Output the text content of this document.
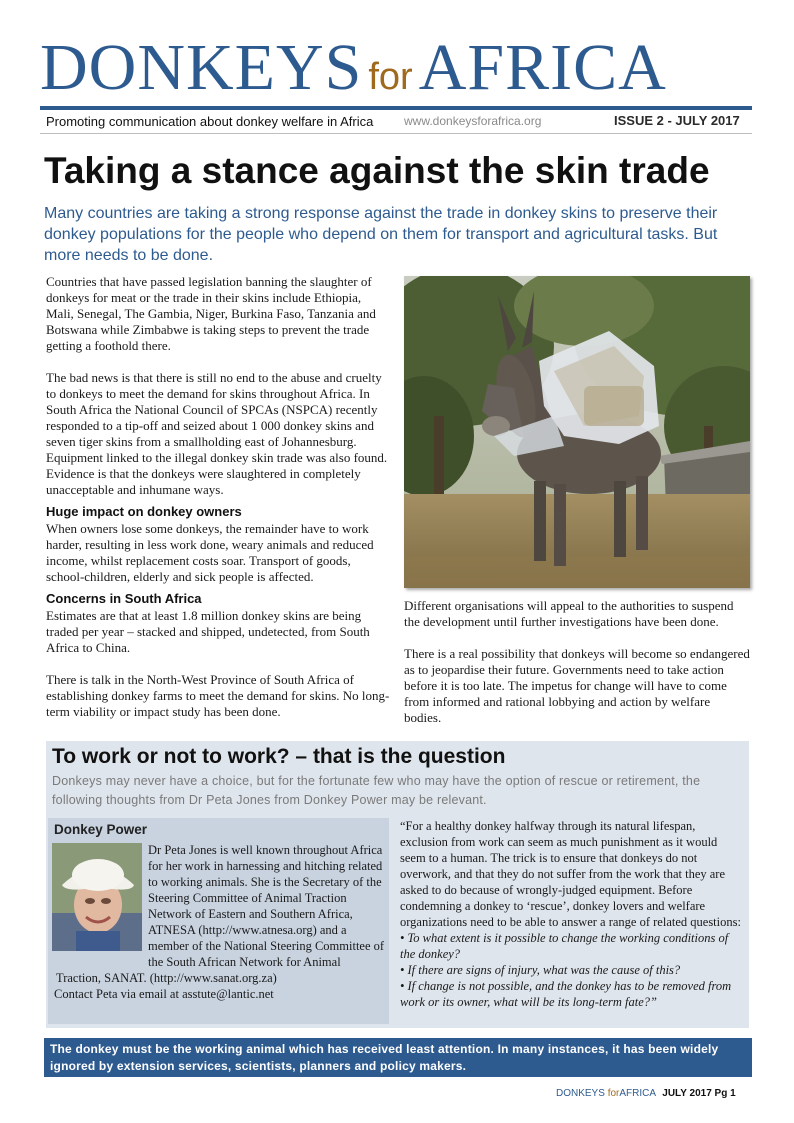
DONKEYS forAFRICA
Promoting communication about donkey welfare in Africa	www.donkeysforafrica.org	ISSUE 2 - JULY 2017
Taking a stance against the skin trade
Many countries are taking a strong response against the trade in donkey skins to preserve their donkey populations for the people who depend on them for transport and agricultural tasks. But more needs to be done.

Countries that have passed legislation banning the slaughter of donkeys for meat or the trade in their skins include Ethiopia, Mali, Senegal, The Gambia, Niger, Burkina Faso, Tanzania and Botswana while Zimbabwe is taking steps to prevent the trade getting a foothold there.

The bad news is that there is still no end to the abuse and cruelty to donkeys to meet the demand for skins throughout Africa. In South Africa the National Council of SPCAs (NSPCA) recently responded to a tip-off and seized about 1 000 donkey skins and seven tiger skins from a smallholding east of Johannesburg. Equipment linked to the illegal donkey skin trade was also found. Evidence is that the donkeys were slaughtered in completely unacceptable and inhumane ways.

Huge impact on donkey owners

When owners lose some donkeys, the remainder have to work harder, resulting in less work done, weary animals and reduced income, whilst replacement costs soar. Transport of goods, school-children, elderly and sick people is affected.

Concerns in South Africa

Estimates are that at least 1.8 million donkey skins are being traded per year – stacked and shipped, undetected, from South Africa to China.

There is talk in the North-West Province of South Africa of establishing donkey farms to meet the demand for skins. No long-term viability or impact study has been done.

Different organisations will appeal to the authorities to suspend the development until further investigations have been done.

There is a real possibility that donkeys will become so endangered as to jeopardise their future. Governments need to take action before it is too late. The impetus for change will have to come from informed and rational lobbying and action by welfare bodies.

To work or not to work? – that is the question
Donkeys may never have a choice, but for the fortunate few who may have the option of rescue or retirement, the following thoughts from Dr Peta Jones from Donkey Power may be relevant.
Donkey Power
Dr Peta Jones is well known throughout Africa for her work in harnessing and hitching related to working animals. She is the Secretary of the Steering Committee of Animal Traction Network of Eastern and Southern Africa, ATNESA (http://www.atnesa.org) and a member of the National Steering Committee of the South African Network for Animal
Traction, SANAT. (http://www.sanat.org.za)
Contact Peta via email at asstute@lantic.net
“For a healthy donkey halfway through its natural lifespan, exclusion from work can seem as much punishment as it would seem to a human. The trick is to ensure that donkeys do not overwork, and that they do not suffer from the work that they are asked to do because of wrongly-judged equipment. Before condemning a donkey to ‘rescue’, donkey lovers and welfare organizations need to be able to answer a range of related questions:
• To what extent is it possible to change the working conditions of the donkey?
• If there are signs of injury, what was the cause of this?
• If change is not possible, and the donkey has to be removed from work or its owner, what will be its long-term fate?”
The donkey must be the working animal which has received least attention. In many instances, it has been widely ignored by extension services, scientists, planners and policy makers.
DONKEYS forAFRICA JULY 2017 Pg 1
